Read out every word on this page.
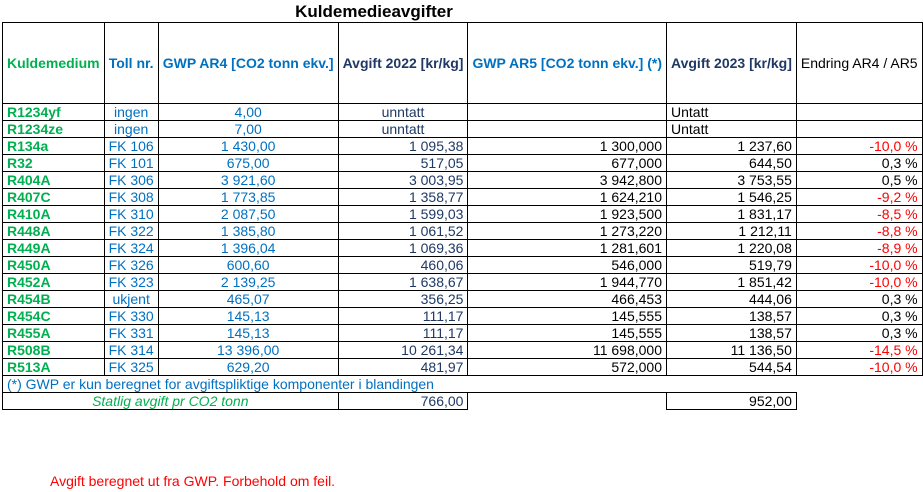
Kuldemedieavgifter
Kuldemedium	Toll nr.	GWP AR4 [CO2 tonn ekv.]	Avgift 2022 [kr/kg]	GWP AR5 [CO2 tonn ekv.] (*)	Avgift 2023 [kr/kg]	Endring AR4 / AR5
R1234yf	ingen	4,00	unntatt		Untatt	
R1234ze	ingen	7,00	unntatt		Untatt	
R134a	FK 106	1 430,00	1 095,38	1 300,000	1 237,60	-10,0 %
R32	FK 101	675,00	517,05	677,000	644,50	0,3 %
R404A	FK 306	3 921,60	3 003,95	3 942,800	3 753,55	0,5 %
R407C	FK 308	1 773,85	1 358,77	1 624,210	1 546,25	-9,2 %
R410A	FK 310	2 087,50	1 599,03	1 923,500	1 831,17	-8,5 %
R448A	FK 322	1 385,80	1 061,52	1 273,220	1 212,11	-8,8 %
R449A	FK 324	1 396,04	1 069,36	1 281,601	1 220,08	-8,9 %
R450A	FK 326	600,60	460,06	546,000	519,79	-10,0 %
R452A	FK 323	2 139,25	1 638,67	1 944,770	1 851,42	-10,0 %
R454B	ukjent	465,07	356,25	466,453	444,06	0,3 %
R454C	FK 330	145,13	111,17	145,555	138,57	0,3 %
R455A	FK 331	145,13	111,17	145,555	138,57	0,3 %
R508B	FK 314	13 396,00	10 261,34	11 698,000	11 136,50	-14,5 %
R513A	FK 325	629,20	481,97	572,000	544,54	-10,0 %
(*) GWP er kun beregnet for avgiftspliktige komponenter i blandingen						
Statlig avgift pr CO2 tonn			766,00		952,00	
Avgift beregnet ut fra GWP. Forbehold om feil.
